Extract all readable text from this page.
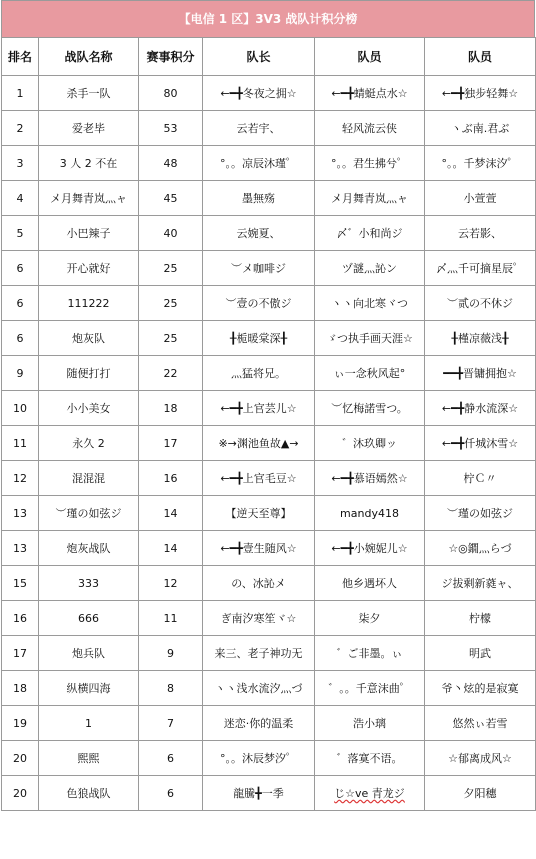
【电信 1 区】3V3 战队计积分榜
排名	战队名称	赛事积分	队长	队员	队员
1	杀手一队	80	←━╋冬夜之拥☆	←━╋蜻蜓点水☆	←━╋独步轻舞☆
2	爱老毕	53	云若宇、	轻风流云侠	ヽぶ南.君ぶ
3	3 人 2 不在	48	°。。凉辰沐瑾゜	°。。君生拂兮゜	°。。千梦沫汐゜
4	メ月舞青岚灬ャ	45	墨無殇	メ月舞青岚灬ャ	小萱萱
5	小巴辣子	40	云婉夏、	〆゛小和尚ジ	云若影、
6	开心就好	25	︶メ咖啡ジ	ヅ謎灬訫ン	〆灬千可摘星辰゜
6	111222	25	︶壹の不傲ジ	ヽヽ向北寒ヾつ	︶贰の不休ジ
6	炮灰队	25	╂栀暖棠深╂	ゞつ执手画天涯☆	╂槿凉薇浅╂
9	随便打打	22	灬猛将兄。	ぃ一念秋风起°	━━╋晋镛拥抱☆
10	小小美女	18	←━╋上官芸儿☆	︶忆梅諾雪つ。	←━╋静水流深☆
11	永久 2	17	※→渊池鱼故▲→	゛沐玖卿ッ	←━╋仟城沐雪☆
12	混混混	16	←━╋上官毛豆☆	←━╋慕语嫣然☆	柠Ｃ〃
13	︶瑾の如弦ジ	14	【逆天至尊】	mandy418	︶瑾の如弦ジ
13	炮灰战队	14	←━╋壹生随风☆	←━╋小婉妮儿☆	☆◎鐗灬らづ
15	333	12	の、冰訫メ	他乡遇坏人	ジ拔剩新蕤ャ、
16	666	11	ぎ南汐寒笙ヾ☆	柒夕	柠檬
17	炮兵队	9	来三、老子神功无	゛ご非墨。ぃ	明武
18	纵横四海	8	ヽヽ浅水流汐灬づ	゛。。千意沫曲゜	爷丶炫的是寂寞
19	1	7	迷恋·你的温柔	浩小璃	悠然ぃ若雪
20	熙熙	6	°。。沐辰梦汐゜	゛落寞不语。	☆郁离成风☆
20	色狼战队	6	龍騰╋一季	じ☆ve 青龙ジ	夕阳穗
